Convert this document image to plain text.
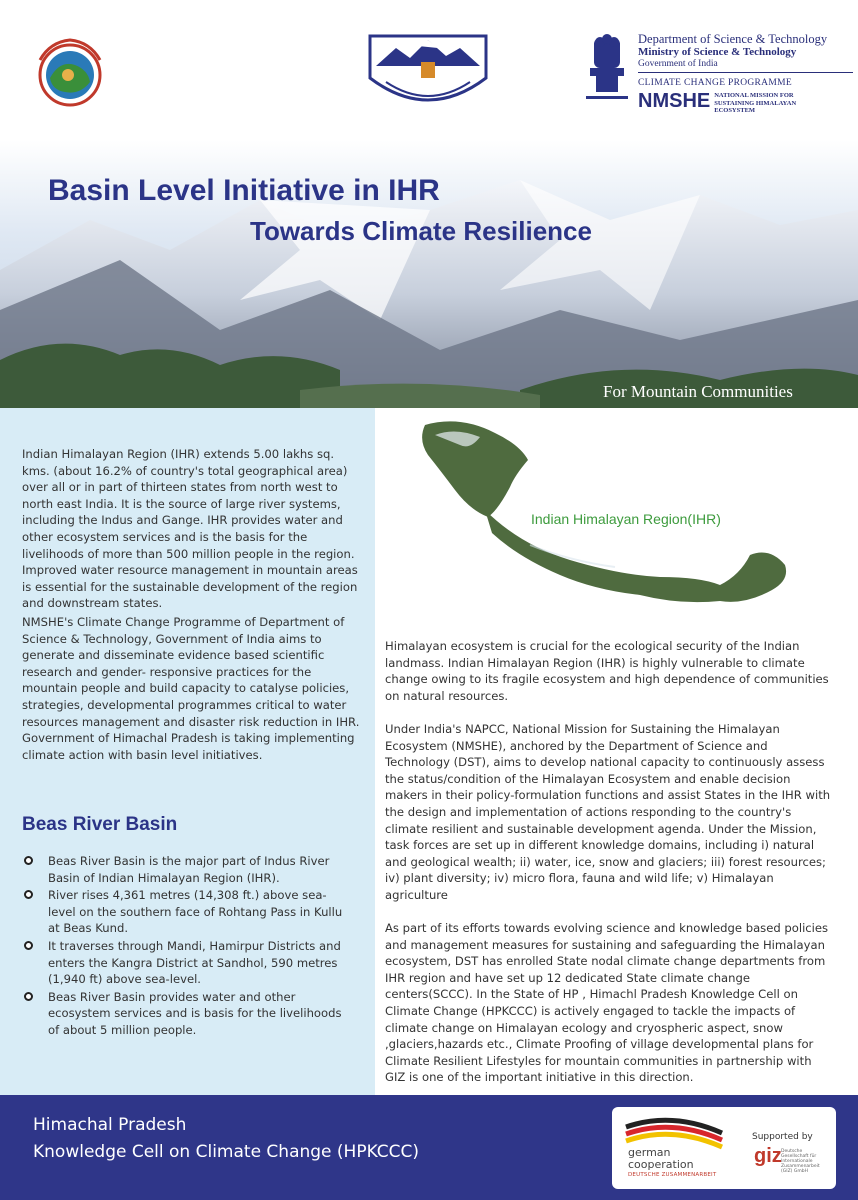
Department of Science & Technology
Ministry of Science & Technology
Government of India
CLIMATE CHANGE PROGRAMME
NMSHE NATIONAL MISSION FOR
SUSTAINING HIMALAYAN
ECOSYSTEM
Basin Level Initiative in IHR
Towards Climate Resilience
For Mountain Communities

Indian Himalayan Region (IHR) extends 5.00 lakhs sq. kms. (about 16.2% of country's total geographical area) over all or in part of thirteen states from north west to north east India. It is the source of large river systems, including the Indus and Gange. IHR provides water and other ecosystem services and is the basis for the livelihoods of more than 500 million people in the region. Improved water resource management in mountain areas is essential for the sustainable development of the region and downstream states.

NMSHE's Climate Change Programme of Department of Science & Technology, Government of India aims to generate and disseminate evidence based scientific research and gender- responsive practices for the mountain people and build capacity to catalyse policies, strategies, developmental programmes critical to water resources management and disaster risk reduction in IHR. Government of Himachal Pradesh is taking implementing climate action with basin level initiatives.

Beas River Basin
Beas River Basin is the major part of Indus River Basin of Indian Himalayan Region (IHR).
River rises 4,361 metres (14,308 ft.) above sea-level on the southern face of Rohtang Pass in Kullu at Beas Kund.
It traverses through Mandi, Hamirpur Districts and enters the Kangra District at Sandhol, 590 metres (1,940 ft) above sea-level.
Beas River Basin provides water and other ecosystem services and is basis for the livelihoods of about 5 million people.
Indian Himalayan Region(IHR)

Himalayan ecosystem is crucial for the ecological security of the Indian landmass. Indian Himalayan Region (IHR) is highly vulnerable to climate change owing to its fragile ecosystem and high dependence of communities on natural resources.

Under India's NAPCC, National Mission for Sustaining the Himalayan Ecosystem (NMSHE), anchored by the Department of Science and Technology (DST), aims to develop national capacity to continuously assess the status/condition of the Himalayan Ecosystem and enable decision makers in their policy-formulation functions and assist States in the IHR with the design and implementation of actions responding to the country's climate resilient and sustainable development agenda. Under the Mission, task forces are set up in different knowledge domains, including i) natural and geological wealth; ii) water, ice, snow and glaciers; iii) forest resources; iv) plant diversity; iv) micro flora, fauna and wild life; v) Himalayan agriculture

As part of its efforts towards evolving science and knowledge based policies and management measures for sustaining and safeguarding the Himalayan ecosystem, DST has enrolled State nodal climate change departments from IHR region and have set up 12 dedicated State climate change centers(SCCC). In the State of HP , Himachl Pradesh Knowledge Cell on Climate Change (HPKCCC) is actively engaged to tackle the impacts of climate change on Himalayan ecology and cryospheric aspect, snow ,glaciers,hazards etc., Climate Proofing of village developmental plans for Climate Resilient Lifestyles for mountain communities in partnership with GIZ is one of the important initiative in this direction.

Himachal Pradesh
Knowledge Cell on Climate Change (HPKCCC)	german
cooperation
DEUTSCHE ZUSAMMENARBEIT
Supported by
giz Deutsche Gesellschaft für Internationale Zusammenarbeit (GIZ) GmbH
